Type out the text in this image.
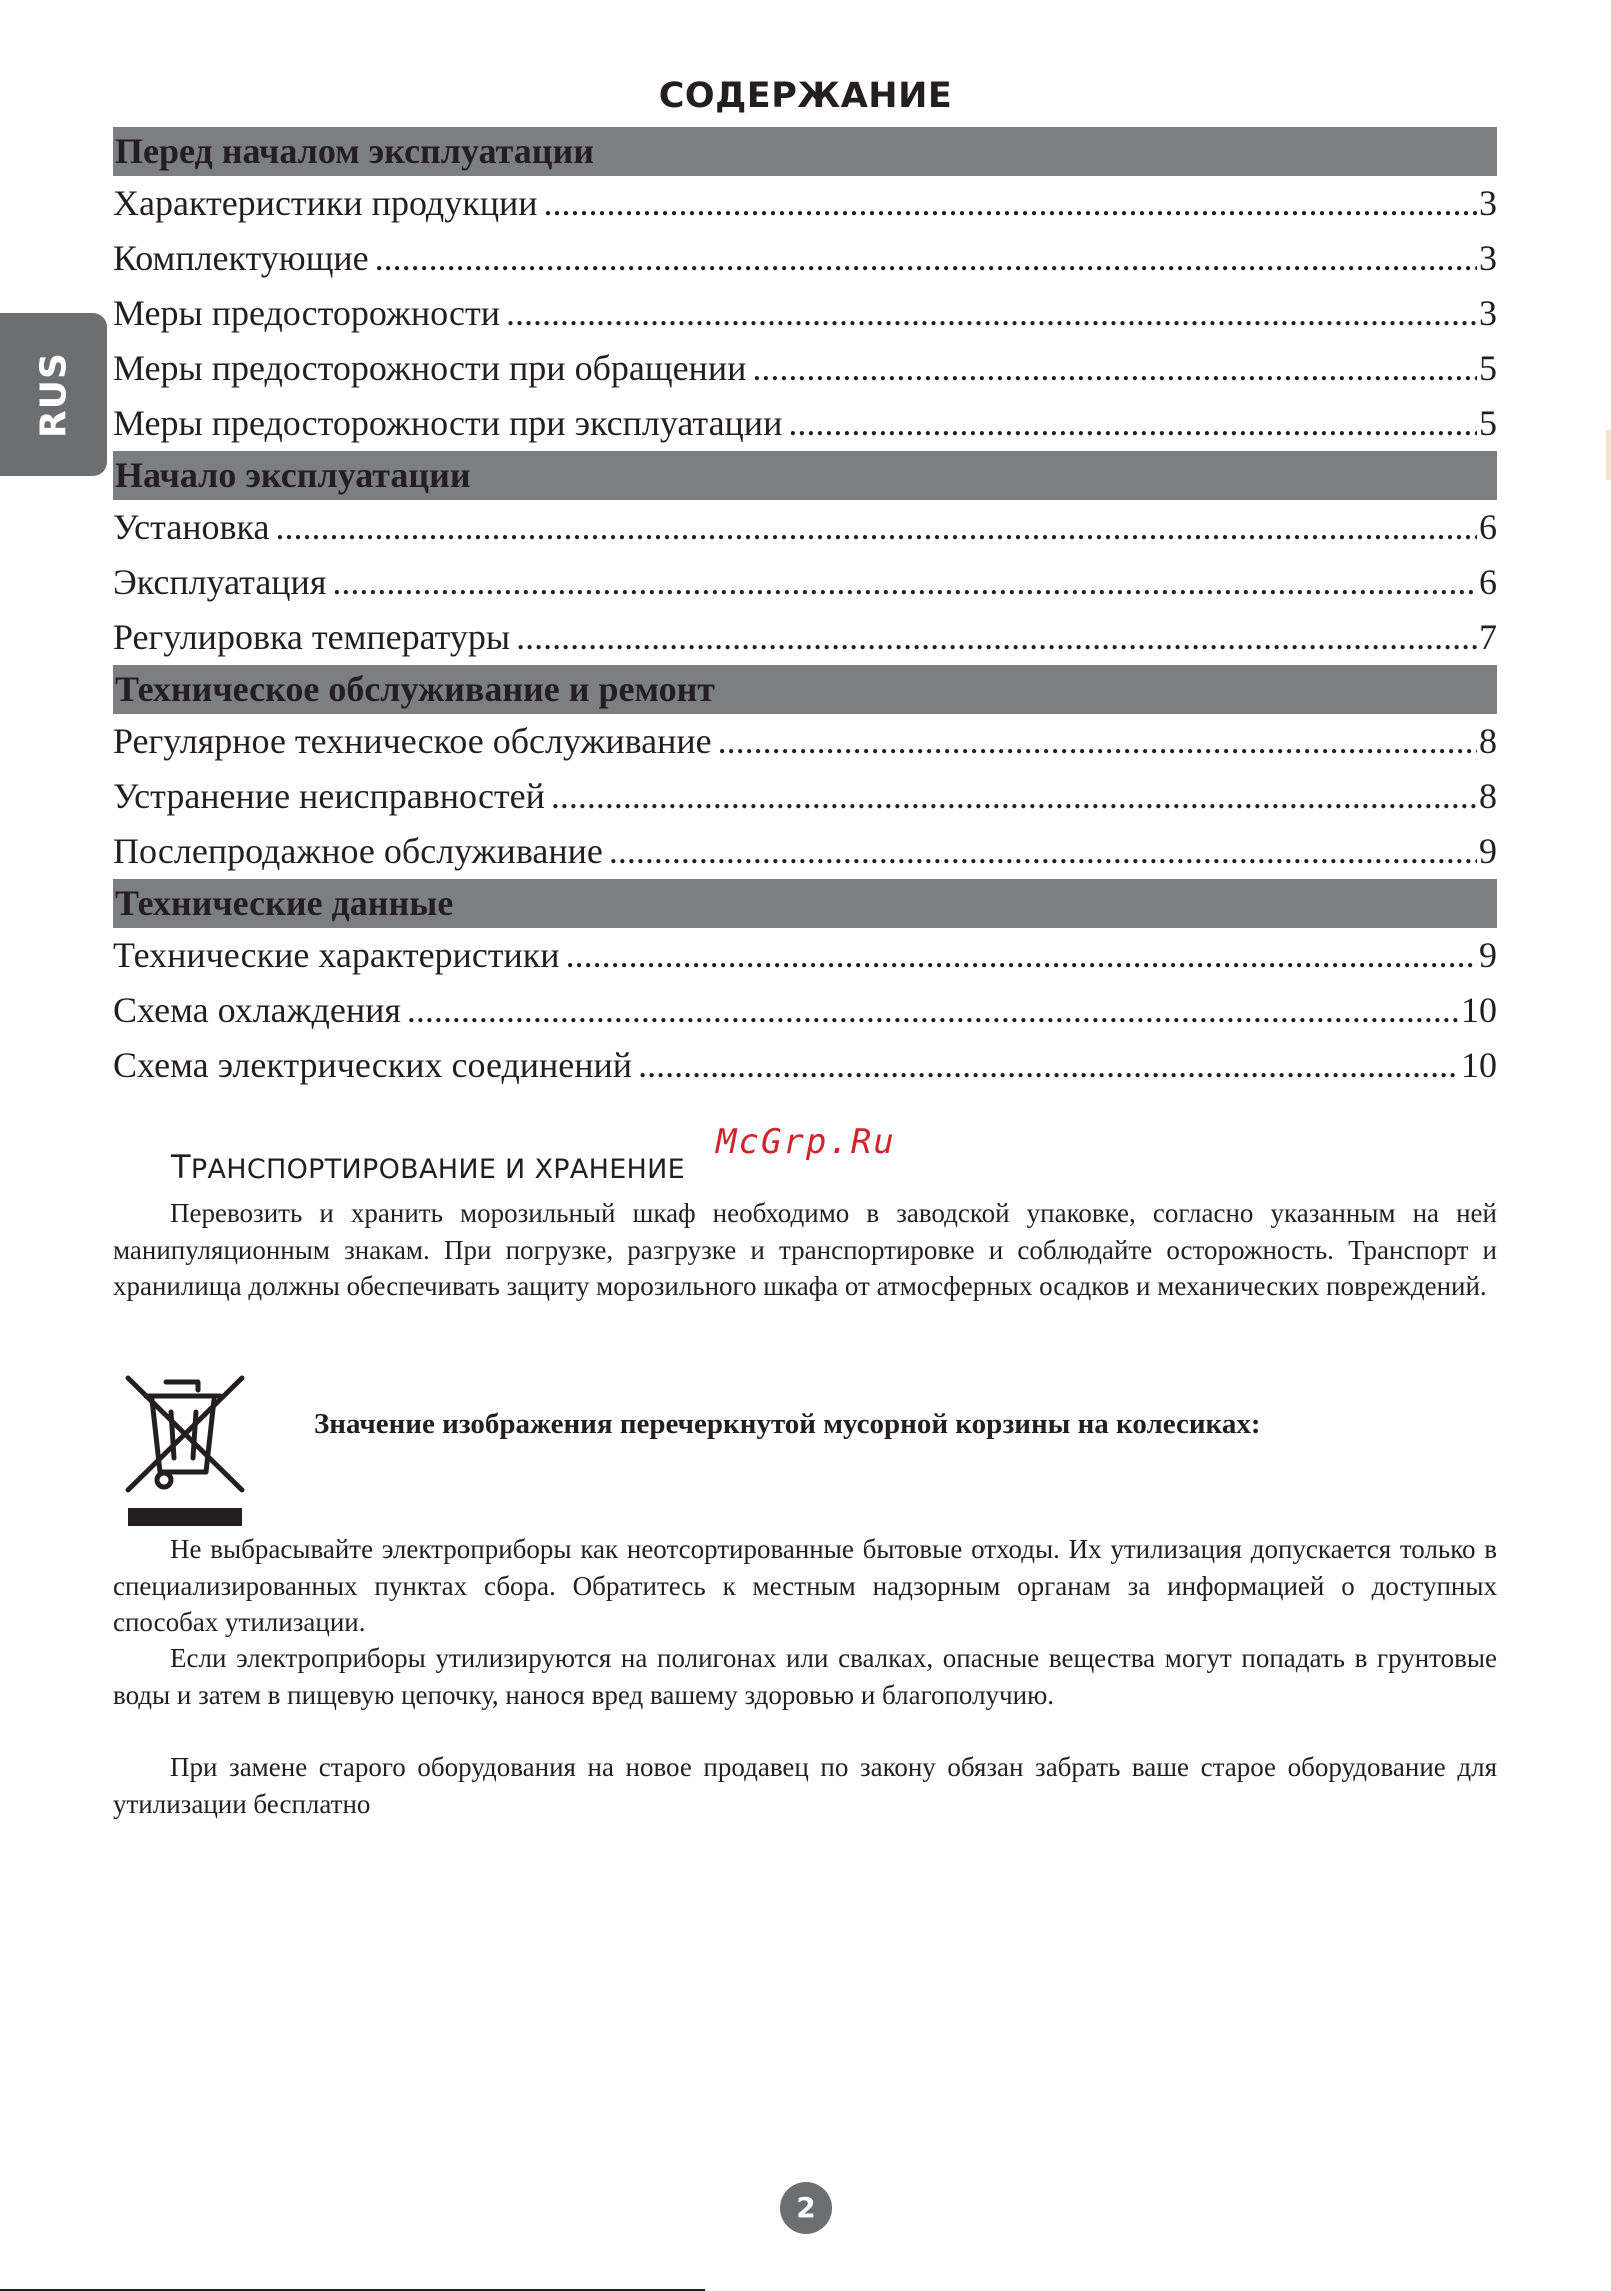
СОДЕРЖАНИЕ
RUS
Перед началом эксплуатации
Характеристики продукции . . .	3
Комплектующие . . .	3
Меры предосторожности . . .	3
Меры предосторожности при обращении . . .	5
Меры предосторожности при эксплуатации . . .	5
Начало эксплуатации
Установка . . .	6
Эксплуатация . . .	6
Регулировка температуры . . .	7
Техническое обслуживание и ремонт
Регулярное техническое обслуживание . . .	8
Устранение неисправностей . . .	8
Послепродажное обслуживание . . .	9
Технические данные
Технические характеристики . . .	9
Схема охлаждения . . .	10
Схема электрических соединений . . .	10
McGrp.Ru
ТРАНСПОРТИРОВАНИЕ И ХРАНЕНИЕ
Перевозить и хранить морозильный шкаф необходимо в заводской упаковке, согласно указанным на ней манипуляционным знакам. При погрузке, разгрузке и транспортировке и соблюдайте осторожность. Транспорт и хранилища должны обеспечивать защиту морозильного шкафа от атмосферных осадков и механических повреждений.
Значение изображения перечеркнутой мусорной корзины на колесиках:
Не выбрасывайте электроприборы как неотсортированные бытовые отходы. Их утилизация допускается только в специализированных пунктах сбора. Обратитесь к местным надзорным органам за информацией о доступных способах утилизации.
Если электроприборы утилизируются на полигонах или свалках, опасные вещества могут попадать в грунтовые воды и затем в пищевую цепочку, нанося вред вашему здоровью и благополучию.
При замене старого оборудования на новое продавец по закону обязан забрать ваше старое оборудование для утилизации бесплатно
2
